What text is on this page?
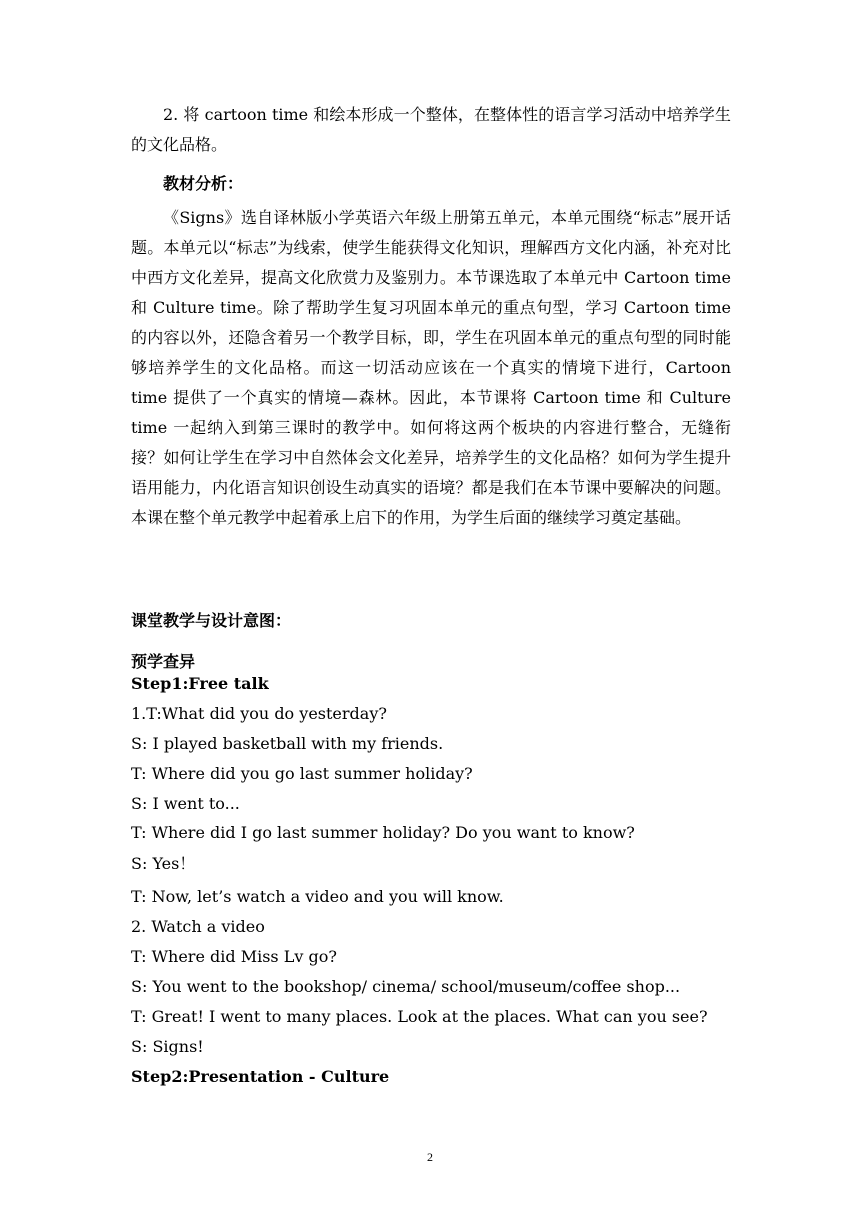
2. 将 cartoon time 和绘本形成一个整体，在整体性的语言学习活动中培养学生的文化品格。

教材分析：

《Signs》选自译林版小学英语六年级上册第五单元，本单元围绕“标志”展开话题。本单元以“标志”为线索，使学生能获得文化知识，理解西方文化内涵，补充对比中西方文化差异，提高文化欣赏力及鉴别力。本节课选取了本单元中 Cartoon time 和 Culture time。除了帮助学生复习巩固本单元的重点句型，学习 Cartoon time 的内容以外，还隐含着另一个教学目标，即，学生在巩固本单元的重点句型的同时能够培养学生的文化品格。而这一切活动应该在一个真实的情境下进行，Cartoon time 提供了一个真实的情境—森林。因此，本节课将 Cartoon time 和 Culture time 一起纳入到第三课时的教学中。如何将这两个板块的内容进行整合，无缝衔接？如何让学生在学习中自然体会文化差异，培养学生的文化品格？如何为学生提升语用能力，内化语言知识创设生动真实的语境？都是我们在本节课中要解决的问题。本课在整个单元教学中起着承上启下的作用，为学生后面的继续学习奠定基础。

课堂教学与设计意图：

预学查异

Step1:Free talk

1.T:What did you do yesterday?

S: I played basketball with my friends.

T: Where did you go last summer holiday?

S: I went to...

T: Where did I go last summer holiday? Do you want to know?

S: Yes！

T: Now, let’s watch a video and you will know.

2. Watch a video

T: Where did Miss Lv go?

S: You went to the bookshop/ cinema/ school/museum/coffee shop...

T: Great! I went to many places. Look at the places. What can you see?

S: Signs!

Step2:Presentation - Culture

2
